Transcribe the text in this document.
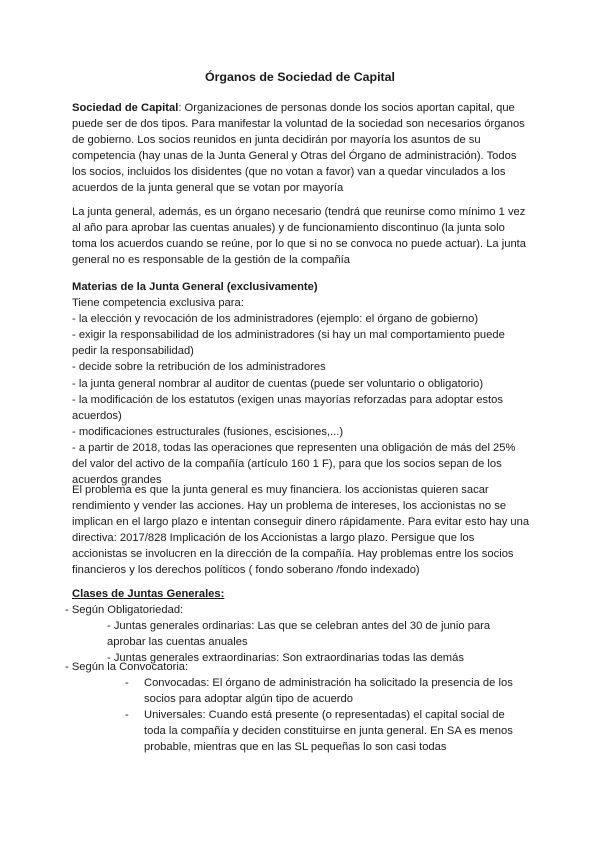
Órganos de Sociedad de Capital
Sociedad de Capital: Organizaciones de personas donde los socios aportan capital, que
puede ser de dos tipos. Para manifestar la voluntad de la sociedad son necesarios órganos
de gobierno. Los socios reunidos en junta decidirán por mayoría los asuntos de su
competencia (hay unas de la Junta General y Otras del Órgano de administración). Todos
los socios, incluidos los disidentes (que no votan a favor) van a quedar vinculados a los
acuerdos de la junta general que se votan por mayoría
La junta general, además, es un órgano necesario (tendrá que reunirse como mínimo 1 vez
al año para aprobar las cuentas anuales) y de funcionamiento discontinuo (la junta solo
toma los acuerdos cuando se reúne, por lo que si no se convoca no puede actuar). La junta
general no es responsable de la gestión de la compañía
Materias de la Junta General (exclusivamente)
Tiene competencia exclusiva para:
- la elección y revocación de los administradores (ejemplo: el órgano de gobierno)
- exigir la responsabilidad de los administradores (si hay un mal comportamiento puede
pedir la responsabilidad)
- decide sobre la retribución de los administradores
- la junta general nombrar al auditor de cuentas (puede ser voluntario o obligatorio)
- la modificación de los estatutos (exigen unas mayorías reforzadas para adoptar estos
acuerdos)
- modificaciones estructurales (fusiones, escisiones,...)
- a partir de 2018, todas las operaciones que representen una obligación de más del 25%
del valor del activo de la compañía (artículo 160 1 F), para que los socios sepan de los
acuerdos grandes
El problema es que la junta general es muy financiera. los accionistas quieren sacar
rendimiento y vender las acciones. Hay un problema de intereses, los accionistas no se
implican en el largo plazo e intentan conseguir dinero rápidamente. Para evitar esto hay una
directiva: 2017/828 Implicación de los Accionistas a largo plazo. Persigue que los
accionistas se involucren en la dirección de la compañía. Hay problemas entre los socios
financieros y los derechos políticos ( fondo soberano /fondo indexado)
Clases de Juntas Generales:
- Según Obligatoriedad:
- Juntas generales ordinarias: Las que se celebran antes del 30 de junio para
aprobar las cuentas anuales
- Juntas generales extraordinarias: Son extraordinarias todas las demás
- Según la Convocatoria:
- Convocadas: El órgano de administración ha solicitado la presencia de los
socios para adoptar algún tipo de acuerdo
- Universales: Cuando está presente (o representadas) el capital social de
toda la compañía y deciden constituirse en junta general. En SA es menos
probable, mientras que en las SL pequeñas lo son casi todas
